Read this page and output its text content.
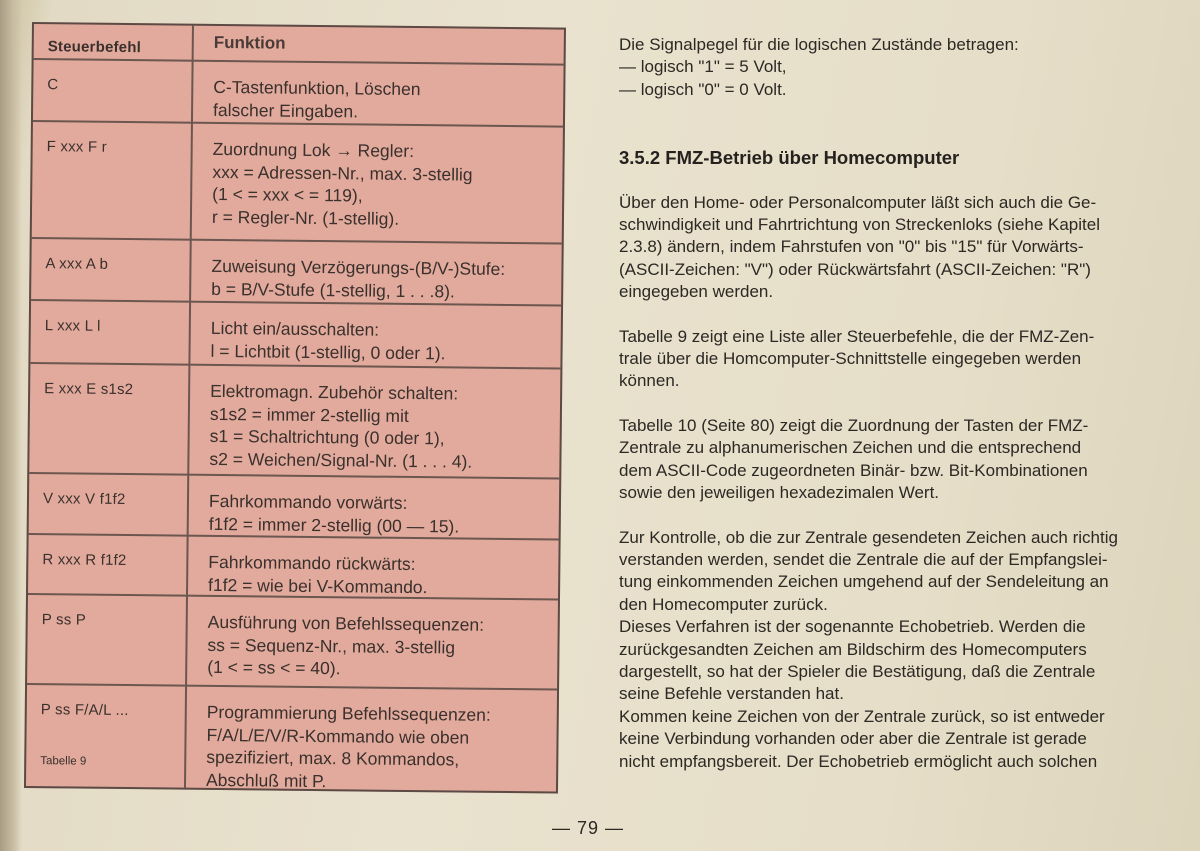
Steuerbefehl	Funktion
C	C-Tastenfunktion, Löschen
falscher Eingaben.
F xxx F r	Zuordnung Lok → Regler:
xxx = Adressen-Nr., max. 3-stellig
(1 < = xxx < = 119),
r = Regler-Nr. (1-stellig).
A xxx A b	Zuweisung Verzögerungs-(B/V-)Stufe:
b = B/V-Stufe (1-stellig, 1 . . .8).
L xxx L l	Licht ein/ausschalten:
l = Lichtbit (1-stellig, 0 oder 1).
E xxx E s1s2	Elektromagn. Zubehör schalten:
s1s2 = immer 2-stellig mit
s1 = Schaltrichtung (0 oder 1),
s2 = Weichen/Signal-Nr. (1 . . . 4).
V xxx V f1f2	Fahrkommando vorwärts:
f1f2 = immer 2-stellig (00 — 15).
R xxx R f1f2	Fahrkommando rückwärts:
f1f2 = wie bei V-Kommando.
P ss P	Ausführung von Befehlssequenzen:
ss = Sequenz-Nr., max. 3-stellig
(1 < = ss < = 40).
P ss F/A/L ...	Programmierung Befehlssequenzen:
F/A/L/E/V/R-Kommando wie oben
spezifiziert, max. 8 Kommandos,
Abschluß mit P.
Tabelle 9

Die Signalpegel für die logischen Zustände betragen:
— logisch "1" = 5 Volt,
— logisch "0" = 0 Volt.

3.5.2 FMZ-Betrieb über Homecomputer

Über den Home- oder Personalcomputer läßt sich auch die Ge-
schwindigkeit und Fahrtrichtung von Streckenloks (siehe Kapitel
2.3.8) ändern, indem Fahrstufen von "0" bis "15" für Vorwärts-
(ASCII-Zeichen: "V") oder Rückwärtsfahrt (ASCII-Zeichen: "R")
eingegeben werden.

Tabelle 9 zeigt eine Liste aller Steuerbefehle, die der FMZ-Zen-
trale über die Homcomputer-Schnittstelle eingegeben werden
können.

Tabelle 10 (Seite 80) zeigt die Zuordnung der Tasten der FMZ-
Zentrale zu alphanumerischen Zeichen und die entsprechend
dem ASCII-Code zugeordneten Binär- bzw. Bit-Kombinationen
sowie den jeweiligen hexadezimalen Wert.

Zur Kontrolle, ob die zur Zentrale gesendeten Zeichen auch richtig
verstanden werden, sendet die Zentrale die auf der Empfangslei-
tung einkommenden Zeichen umgehend auf der Sendeleitung an
den Homecomputer zurück.
Dieses Verfahren ist der sogenannte Echobetrieb. Werden die
zurückgesandten Zeichen am Bildschirm des Homecomputers
dargestellt, so hat der Spieler die Bestätigung, daß die Zentrale
seine Befehle verstanden hat.
Kommen keine Zeichen von der Zentrale zurück, so ist entweder
keine Verbindung vorhanden oder aber die Zentrale ist gerade
nicht empfangsbereit. Der Echobetrieb ermöglicht auch solchen

— 79 —
